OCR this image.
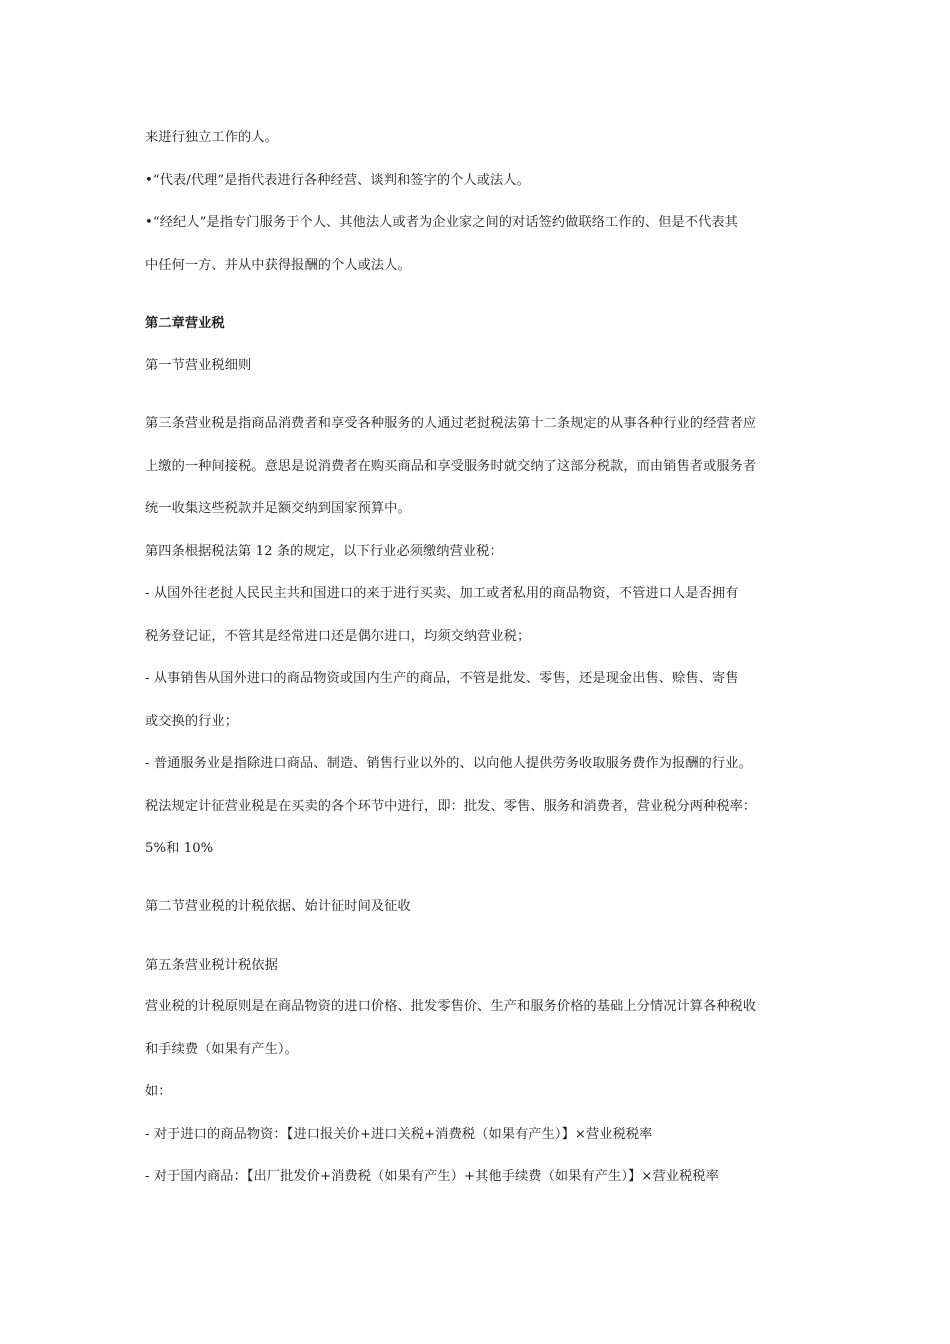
来进行独立工作的人。
•“代表/代理”是指代表进行各种经营、谈判和签字的个人或法人。
•“经纪人”是指专门服务于个人、其他法人或者为企业家之间的对话签约做联络工作的、但是不代表其
中任何一方、并从中获得报酬的个人或法人。
第二章营业税
第一节营业税细则
第三条营业税是指商品消费者和享受各种服务的人通过老挝税法第十二条规定的从事各种行业的经营者应
上缴的一种间接税。意思是说消费者在购买商品和享受服务时就交纳了这部分税款，而由销售者或服务者
统一收集这些税款并足额交纳到国家预算中。
第四条根据税法第 12 条的规定，以下行业必须缴纳营业税：
- 从国外往老挝人民民主共和国进口的来于进行买卖、加工或者私用的商品物资，不管进口人是否拥有
税务登记证，不管其是经常进口还是偶尔进口，均须交纳营业税；
- 从事销售从国外进口的商品物资或国内生产的商品，不管是批发、零售，还是现金出售、赊售、寄售
或交换的行业；
- 普通服务业是指除进口商品、制造、销售行业以外的、以向他人提供劳务收取服务费作为报酬的行业。
税法规定计征营业税是在买卖的各个环节中进行，即：批发、零售、服务和消费者，营业税分两种税率：
5%和 10%
第二节营业税的计税依据、始计征时间及征收
第五条营业税计税依据
营业税的计税原则是在商品物资的进口价格、批发零售价、生产和服务价格的基础上分情况计算各种税收
和手续费（如果有产生）。
如：
- 对于进口的商品物资：【进口报关价+进口关税+消费税（如果有产生）】×营业税税率
- 对于国内商品：【出厂批发价+消费税（如果有产生）+其他手续费（如果有产生）】×营业税税率
